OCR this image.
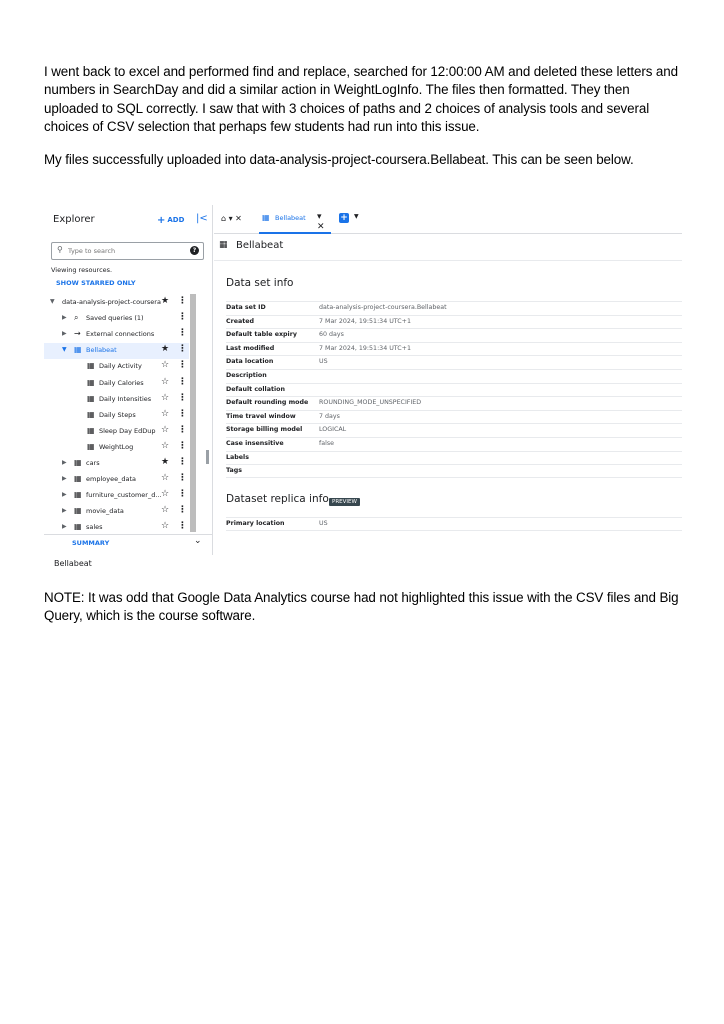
I went back to excel and performed find and replace, searched for 12:00:00 AM and deleted these letters and numbers in SearchDay and did a similar action in WeightLogInfo. The files then formatted. They then uploaded to SQL correctly. I saw that with 3 choices of paths and 2 choices of analysis tools and several choices of CSV selection that perhaps few students had run into this issue.
My files successfully uploaded into data-analysis-project-coursera.Bellabeat. This can be seen below.
Explorer	+ ADD |<
⚲
Type to search	?
Viewing resources.
SHOW STARRED ONLY
▼ data-analysis-project-coursera ★ ⋮
▶ ⌕ Saved queries (1)	⋮
▶ → External connections	⋮
▼ ▦ Bellabeat	★ ⋮
▦ Daily Activity ☆ ⋮
▦ Daily Calories ☆ ⋮
▦ Daily Intensities ☆ ⋮
▦ Daily Steps	☆ ⋮
▦ Sleep Day EdDup ☆ ⋮
▦ WeightLog	☆ ⋮
▶ ▦ cars	★ ⋮
▶ ▦ employee_data	☆ ⋮
▶ ▦ furniture_customer_d... ☆ ⋮
▶ ▦ movie_data	☆ ⋮
▶ ▦ sales	☆ ⋮
SUMMARY	⌄
Bellabeat
⌂ ▾ ✕	▦ Bellabeat ▾ ✕
+ ▼
▦ Bellabeat
Data set info
Data set ID	data-analysis-project-coursera.Bellabeat
Created	7 Mar 2024, 19:51:34 UTC+1
Default table expiry	60 days
Last modified	7 Mar 2024, 19:51:34 UTC+1
Data location	US
Description
Default collation
Default rounding mode ROUNDING_MODE_UNSPECIFIED
Time travel window	7 days
Storage billing model	LOGICAL
Case insensitive	false
Labels
Tags
Dataset replica info PREVIEW
Primary location	US
NOTE: It was odd that Google Data Analytics course had not highlighted this issue with the CSV files and Big Query, which is the course software.
